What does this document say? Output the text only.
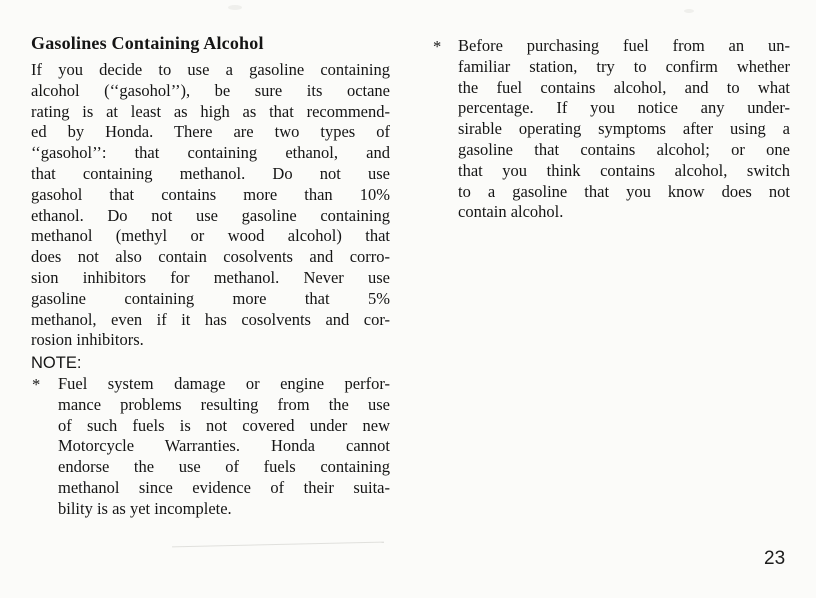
Gasolines Containing Alcohol
If you decide to use a gasoline containing
alcohol (‘‘gasohol’’), be sure its octane
rating is at least as high as that recommend-
ed by Honda. There are two types of
‘‘gasohol’’: that containing ethanol, and
that containing methanol. Do not use
gasohol that contains more than 10%
ethanol. Do not use gasoline containing
methanol (methyl or wood alcohol) that
does not also contain cosolvents and corro-
sion inhibitors for methanol. Never use
gasoline containing more that 5%
methanol, even if it has cosolvents and cor-
rosion inhibitors.
NOTE:
* Fuel system damage or engine perfor-
mance problems resulting from the use
of such fuels is not covered under new
Motorcycle Warranties. Honda cannot
endorse the use of fuels containing
methanol since evidence of their suita-
bility is as yet incomplete.
* Before purchasing fuel from an un-
familiar station, try to confirm whether
the fuel contains alcohol, and to what
percentage. If you notice any under-
sirable operating symptoms after using a
gasoline that contains alcohol; or one
that you think contains alcohol, switch
to a gasoline that you know does not
contain alcohol.
23
